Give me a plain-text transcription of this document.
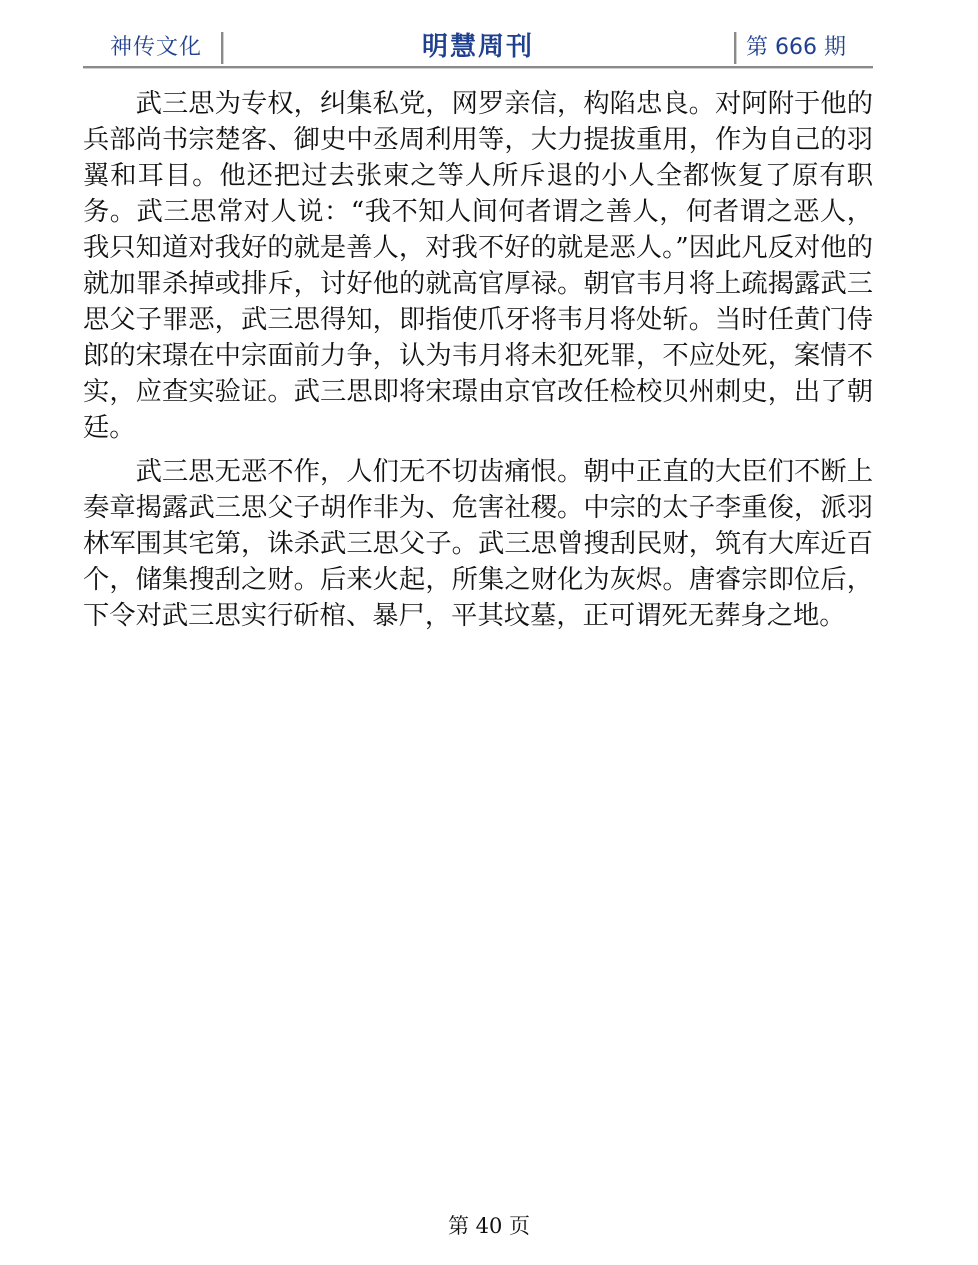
神传文化	明慧周刊	第 666 期

武三思为专权，纠集私党，网罗亲信，构陷忠良。对阿附于他的兵部尚书宗楚客、御史中丞周利用等，大力提拔重用，作为自己的羽翼和耳目。他还把过去张柬之等人所斥退的小人全都恢复了原有职务。武三思常对人说：“我不知人间何者谓之善人，何者谓之恶人，我只知道对我好的就是善人，对我不好的就是恶人。”因此凡反对他的就加罪杀掉或排斥，讨好他的就高官厚禄。朝官韦月将上疏揭露武三思父子罪恶，武三思得知，即指使爪牙将韦月将处斩。当时任黄门侍郎的宋璟在中宗面前力争，认为韦月将未犯死罪，不应处死，案情不实，应查实验证。武三思即将宋璟由京官改任检校贝州刺史，出了朝廷。

武三思无恶不作，人们无不切齿痛恨。朝中正直的大臣们不断上奏章揭露武三思父子胡作非为、危害社稷。中宗的太子李重俊，派羽林军围其宅第，诛杀武三思父子。武三思曾搜刮民财，筑有大库近百个，储集搜刮之财。后来火起，所集之财化为灰烬。唐睿宗即位后，下令对武三思实行斫棺、暴尸，平其坟墓，正可谓死无葬身之地。

第 40 页
